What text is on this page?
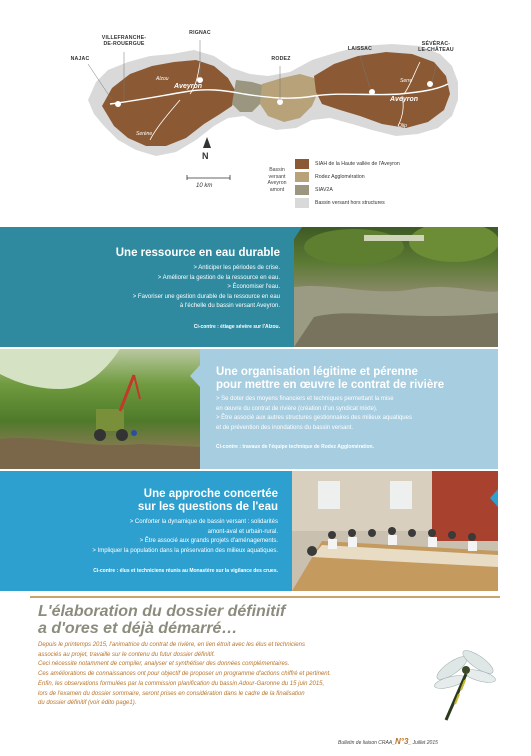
NAJAC
VILLEFRANCHE-
DE-ROUERGUE
RIGNAC
RODEZ
LAISSAC
SÉVÉRAC-
LE-CHÂTEAU
Alzou
Aveyron
Serène
Serre
Aveyron
Olip
N
10 km
Bassin
versant
Aveyron
amont
SIAH de la Haute vallée de l'Aveyron
Rodez Agglomération
SIAV2A
Bassin versant hors structures
Une ressource en eau durable
> Anticiper les périodes de crise.
> Améliorer la gestion de la ressource en eau.
> Économiser l'eau.
> Favoriser une gestion durable de la ressource en eau
à l'échelle du bassin versant Aveyron.
Ci-contre : étiage sévère sur l'Alzou.
Une organisation légitime et pérenne
pour mettre en œuvre le contrat de rivière
> Se doter des moyens financiers et techniques permettant la mise
en œuvre du contrat de rivière (création d'un syndicat mixte).
> Être associé aux autres structures gestionnaires des milieux aquatiques
et de prévention des inondations du bassin versant.
Ci-contre : travaux de l'équipe technique de Rodez Agglomération.
Une approche concertée
sur les questions de l'eau
> Conforter la dynamique de bassin versant : solidarités
amont-aval et urbain-rural.
> Être associé aux grands projets d'aménagements.
> Impliquer la population dans la préservation des milieux aquatiques.
Ci-contre : élus et techniciens réunis au Monastère sur la vigilance des crues.
L'élaboration du dossier définitif
a d'ores et déjà démarré…
Depuis le printemps 2015, l'animatrice du contrat de rivière, en lien étroit avec les élus et techniciens
associés au projet, travaille sur le contenu du futur dossier définitif.
Ceci nécessite notamment de compiler, analyser et synthétiser des données complémentaires.
Ces améliorations de connaissances ont pour objectif de proposer un programme d'actions chiffré et pertinent.
Enfin, les observations formulées par la commission planification du bassin Adour-Garonne du 15 juin 2015,
lors de l'examen du dossier sommaire, seront prises en considération dans le cadre de la finalisation
du dossier définitif (voir édito page1).
Bulletin de liaison CRAA_ N°3 _ Juillet 2015
